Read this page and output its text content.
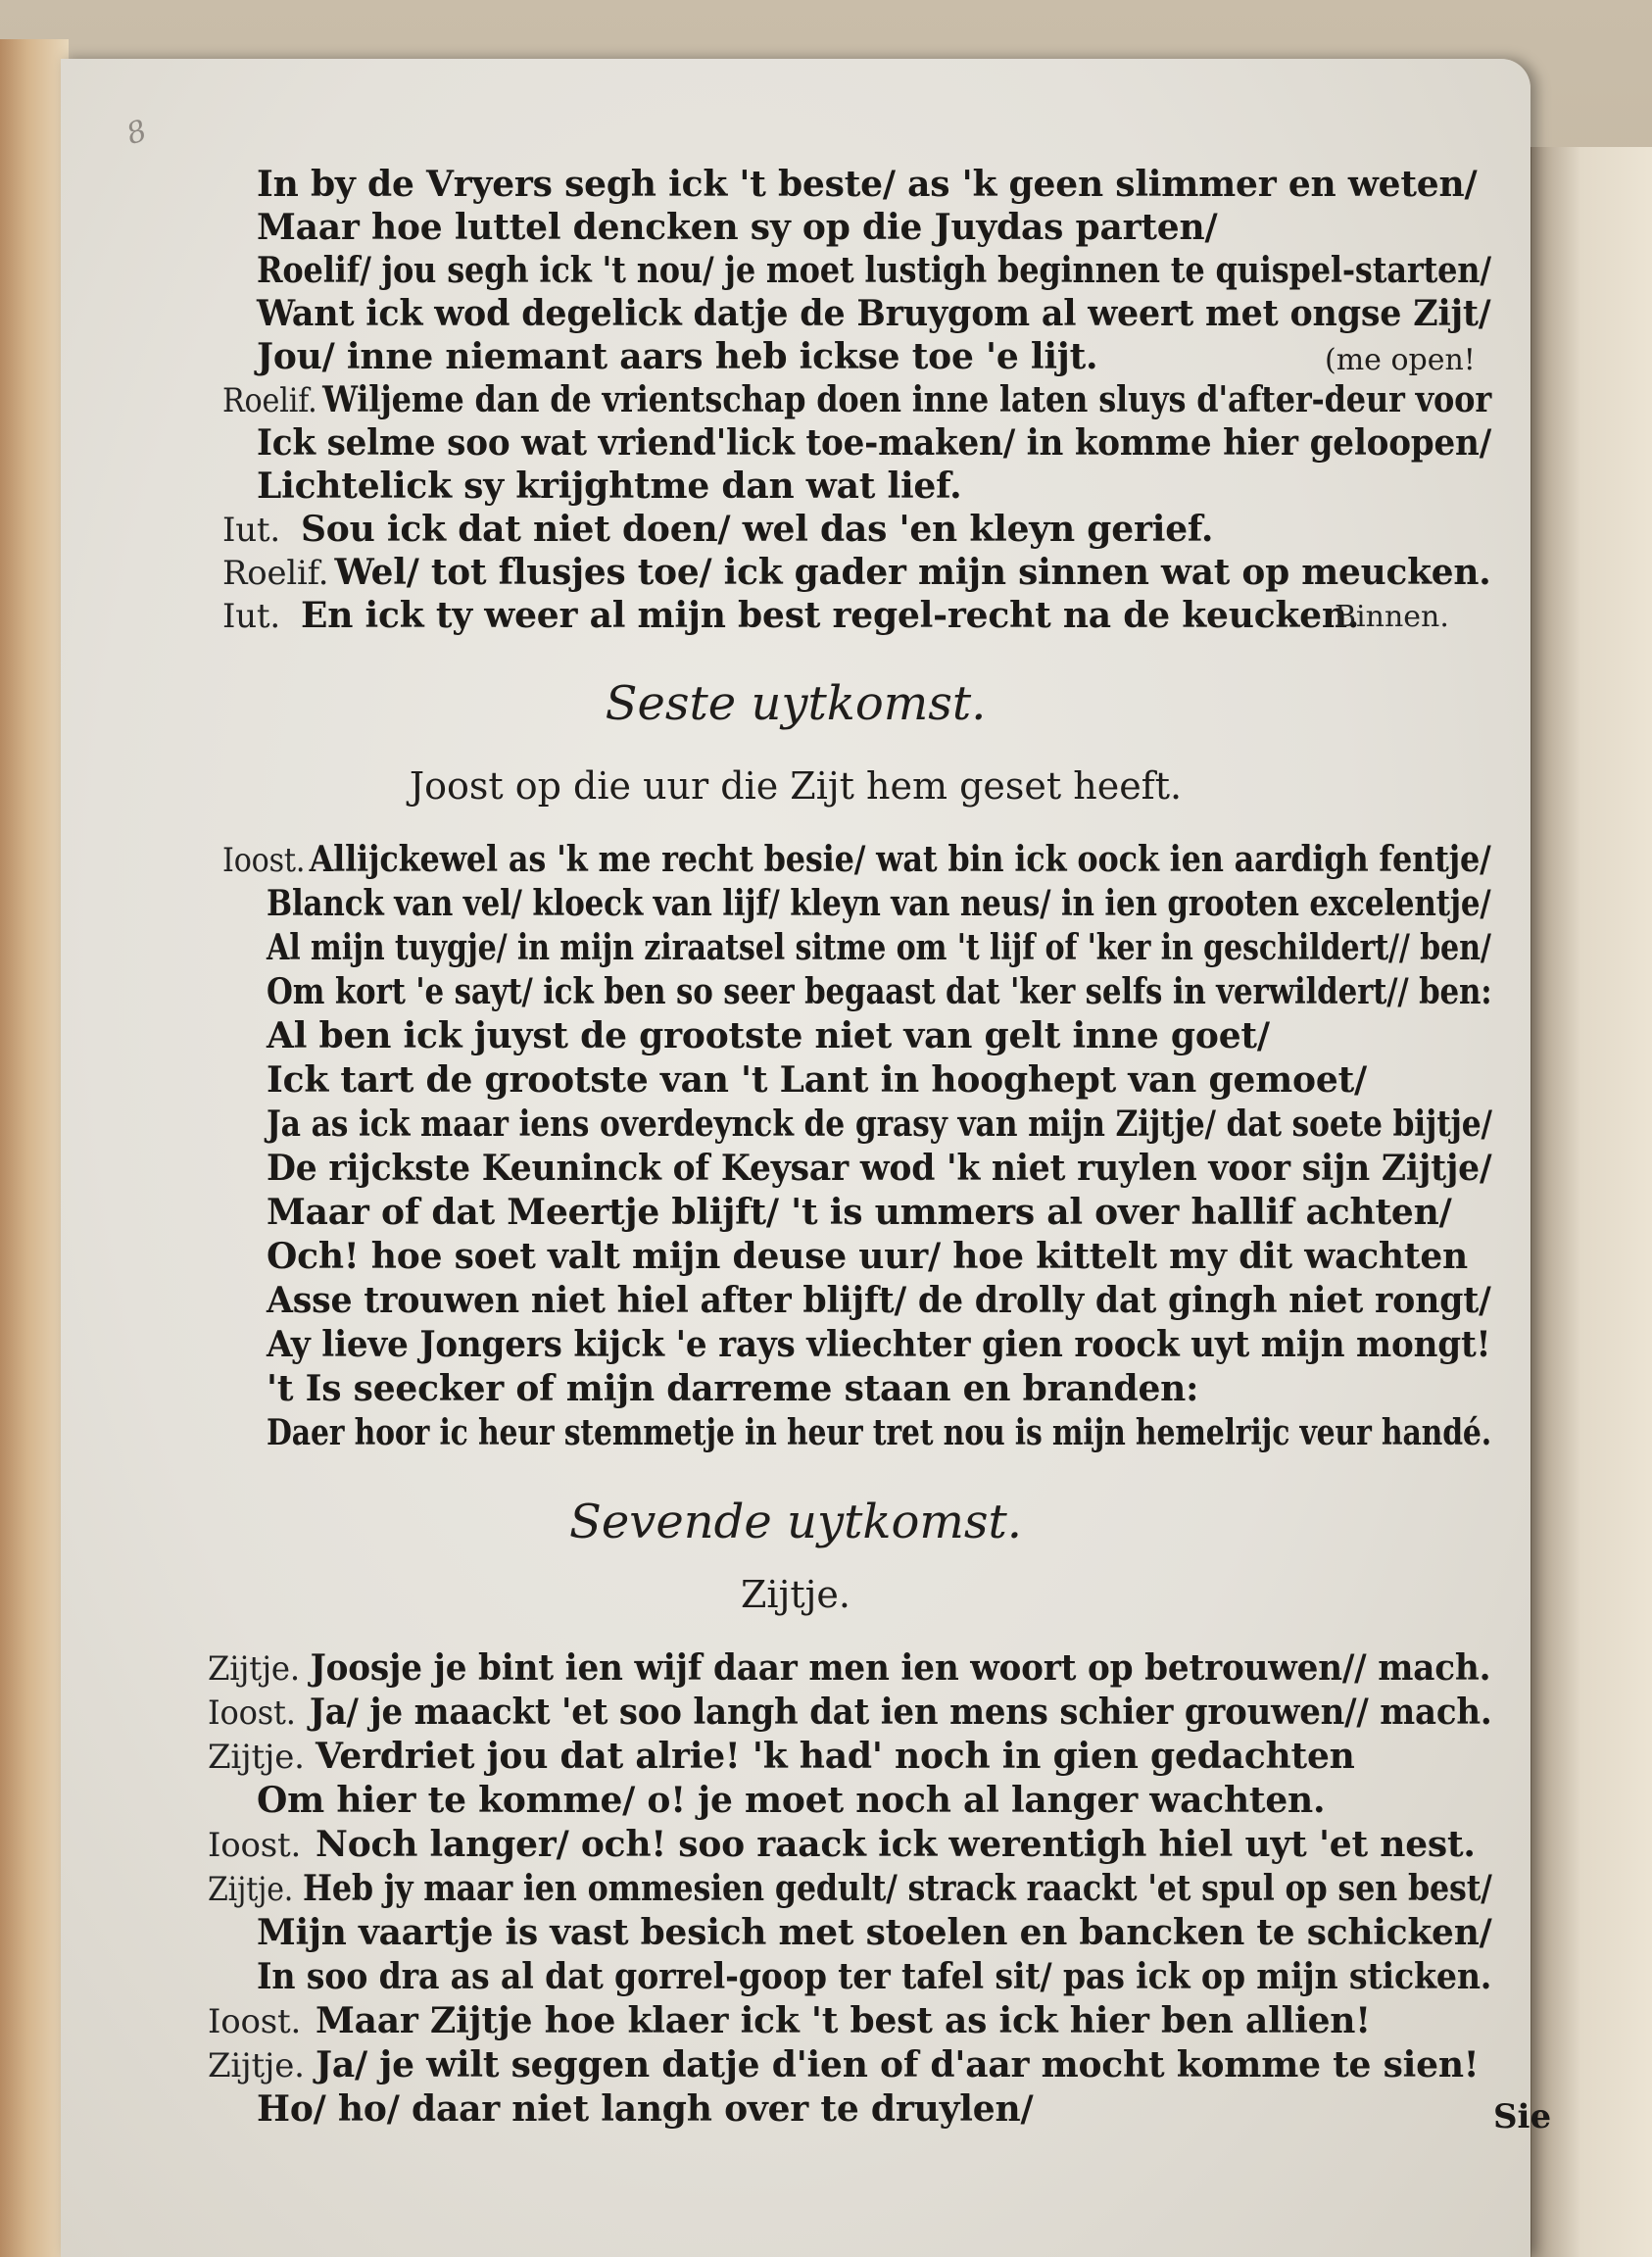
8
In by de Vryers segh ick 't beste/ as 'k geen slimmer en weten/
Maar hoe luttel dencken sy op die Juydas parten/
Roelif/ jou segh ick 't nou/ je moet lustigh beginnen te quispel-starten/
Want ick wod degelick datje de Bruygom al weert met ongse Zijt/
Jou/ inne niemant aars heb ickse toe 'e lijt.	(me open!
Roelif. Wiljeme dan de vrientschap doen inne laten sluys d'after-deur voor
Ick selme soo wat vriend'lick toe-maken/ in komme hier geloopen/
Lichtelick sy krijghtme dan wat lief.
Iut. Sou ick dat niet doen/ wel das 'en kleyn gerief.
Roelif. Wel/ tot flusjes toe/ ick gader mijn sinnen wat op meucken.
Iut. En ick ty weer al mijn best regel-recht na de keucken.
Binnen.
Seste uytkomst.
Joost op die uur die Zijt hem geset heeft.
Ioost. Allijckewel as 'k me recht besie/ wat bin ick oock ien aardigh fentje/
Blanck van vel/ kloeck van lijf/ kleyn van neus/ in ien grooten excelentje/
Al mijn tuygje/ in mijn ziraatsel sitme om 't lijf of 'ker in geschildert// ben/
Om kort 'e sayt/ ick ben so seer begaast dat 'ker selfs in verwildert// ben:
Al ben ick juyst de grootste niet van gelt inne goet/
Ick tart de grootste van 't Lant in hooghept van gemoet/
Ja as ick maar iens overdeynck de grasy van mijn Zijtje/ dat soete bijtje/
De rijckste Keuninck of Keysar wod 'k niet ruylen voor sijn Zijtje/
Maar of dat Meertje blijft/ 't is ummers al over hallif achten/
Och! hoe soet valt mijn deuse uur/ hoe kittelt my dit wachten
Asse trouwen niet hiel after blijft/ de drolly dat gingh niet rongt/
Ay lieve Jongers kijck 'e rays vliechter gien roock uyt mijn mongt!
't Is seecker of mijn darreme staan en branden:
Daer hoor ic heur stemmetje in heur tret nou is mijn hemelrijc veur handé.
Sevende uytkomst.
Zijtje.
Zijtje. Joosje je bint ien wijf daar men ien woort op betrouwen// mach.
Ioost. Ja/ je maackt 'et soo langh dat ien mens schier grouwen// mach.
Zijtje. Verdriet jou dat alrie! 'k had' noch in gien gedachten
Om hier te komme/ o! je moet noch al langer wachten.
Ioost. Noch langer/ och! soo raack ick werentigh hiel uyt 'et nest.
Zijtje. Heb jy maar ien ommesien gedult/ strack raackt 'et spul op sen best/
Mijn vaartje is vast besich met stoelen en bancken te schicken/
In soo dra as al dat gorrel-goop ter tafel sit/ pas ick op mijn sticken.
Ioost. Maar Zijtje hoe klaer ick 't best as ick hier ben allien!
Zijtje. Ja/ je wilt seggen datje d'ien of d'aar mocht komme te sien!
Ho/ ho/ daar niet langh over te druylen/	Sie
